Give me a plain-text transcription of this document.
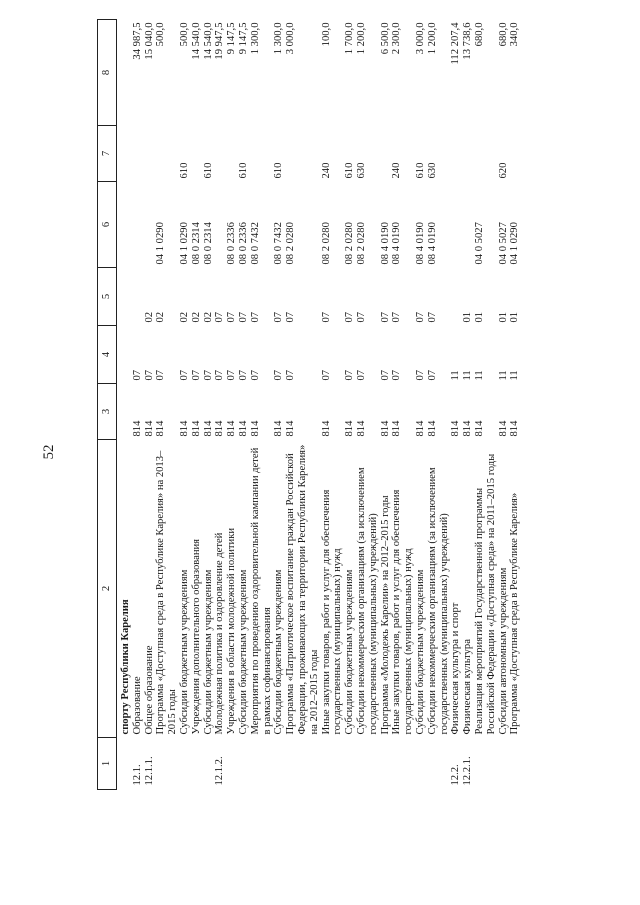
52
1	2	3	4	5	6	7	8
	спорту Республики Карелия						
12.1.	Образование	814	07				34 987,5
12.1.1.	Общее образование	814	07	02			15 040,0
	Программа «Доступная среда в Республике Карелия» на 2013–2015 годы	814	07	02	04 1 0290		500,0
	Субсидии бюджетным учреждениям	814	07	02	04 1 0290	610	500,0
	Учреждения дополнительного образования	814	07	02	08 0 2314		14 540,0
	Субсидии бюджетным учреждениям	814	07	02	08 0 2314	610	14 540,0
12.1.2.	Молодежная политика и оздоровление детей	814	07	07			19 947,5
	Учреждения в области молодежной политики	814	07	07	08 0 2336		9 147,5
	Субсидии бюджетным учреждениям	814	07	07	08 0 2336	610	9 147,5
	Мероприятия по проведению оздоровительной кампании детей в рамках софинансирования	814	07	07	08 0 7432		1 300,0
	Субсидии бюджетным учреждениям	814	07	07	08 0 7432	610	1 300,0
	Программа «Патриотическое воспитание граждан Российской Федерации, проживающих на территории Республики Карелия» на 2012–2015 годы	814	07	07	08 2 0280		3 000,0
	Иные закупки товаров, работ и услуг для обеспечения государственных (муниципальных) нужд	814	07	07	08 2 0280	240	100,0
	Субсидии бюджетным учреждениям	814	07	07	08 2 0280	610	1 700,0
	Субсидии некоммерческим организациям (за исключением государственных (муниципальных) учреждений)	814	07	07	08 2 0280	630	1 200,0
	Программа «Молодежь Карелии» на 2012–2015 годы	814	07	07	08 4 0190		6 500,0
	Иные закупки товаров, работ и услуг для обеспечения государственных (муниципальных) нужд	814	07	07	08 4 0190	240	2 300,0
	Субсидии бюджетным учреждениям	814	07	07	08 4 0190	610	3 000,0
	Субсидии некоммерческим организациям (за исключением государственных (муниципальных) учреждений)	814	07	07	08 4 0190	630	1 200,0
12.2.	Физическая культура и спорт	814	11				112 207,4
12.2.1.	Физическая культура	814	11	01			13 738,6
	Реализация мероприятий Государственной программы Российской Федерации «Доступная среда» на 2011–2015 годы	814	11	01	04 0 5027		680,0
	Субсидии автономным учреждениям	814	11	01	04 0 5027	620	680,0
	Программа «Доступная среда в Республике Карелия»	814	11	01	04 1 0290		340,0
